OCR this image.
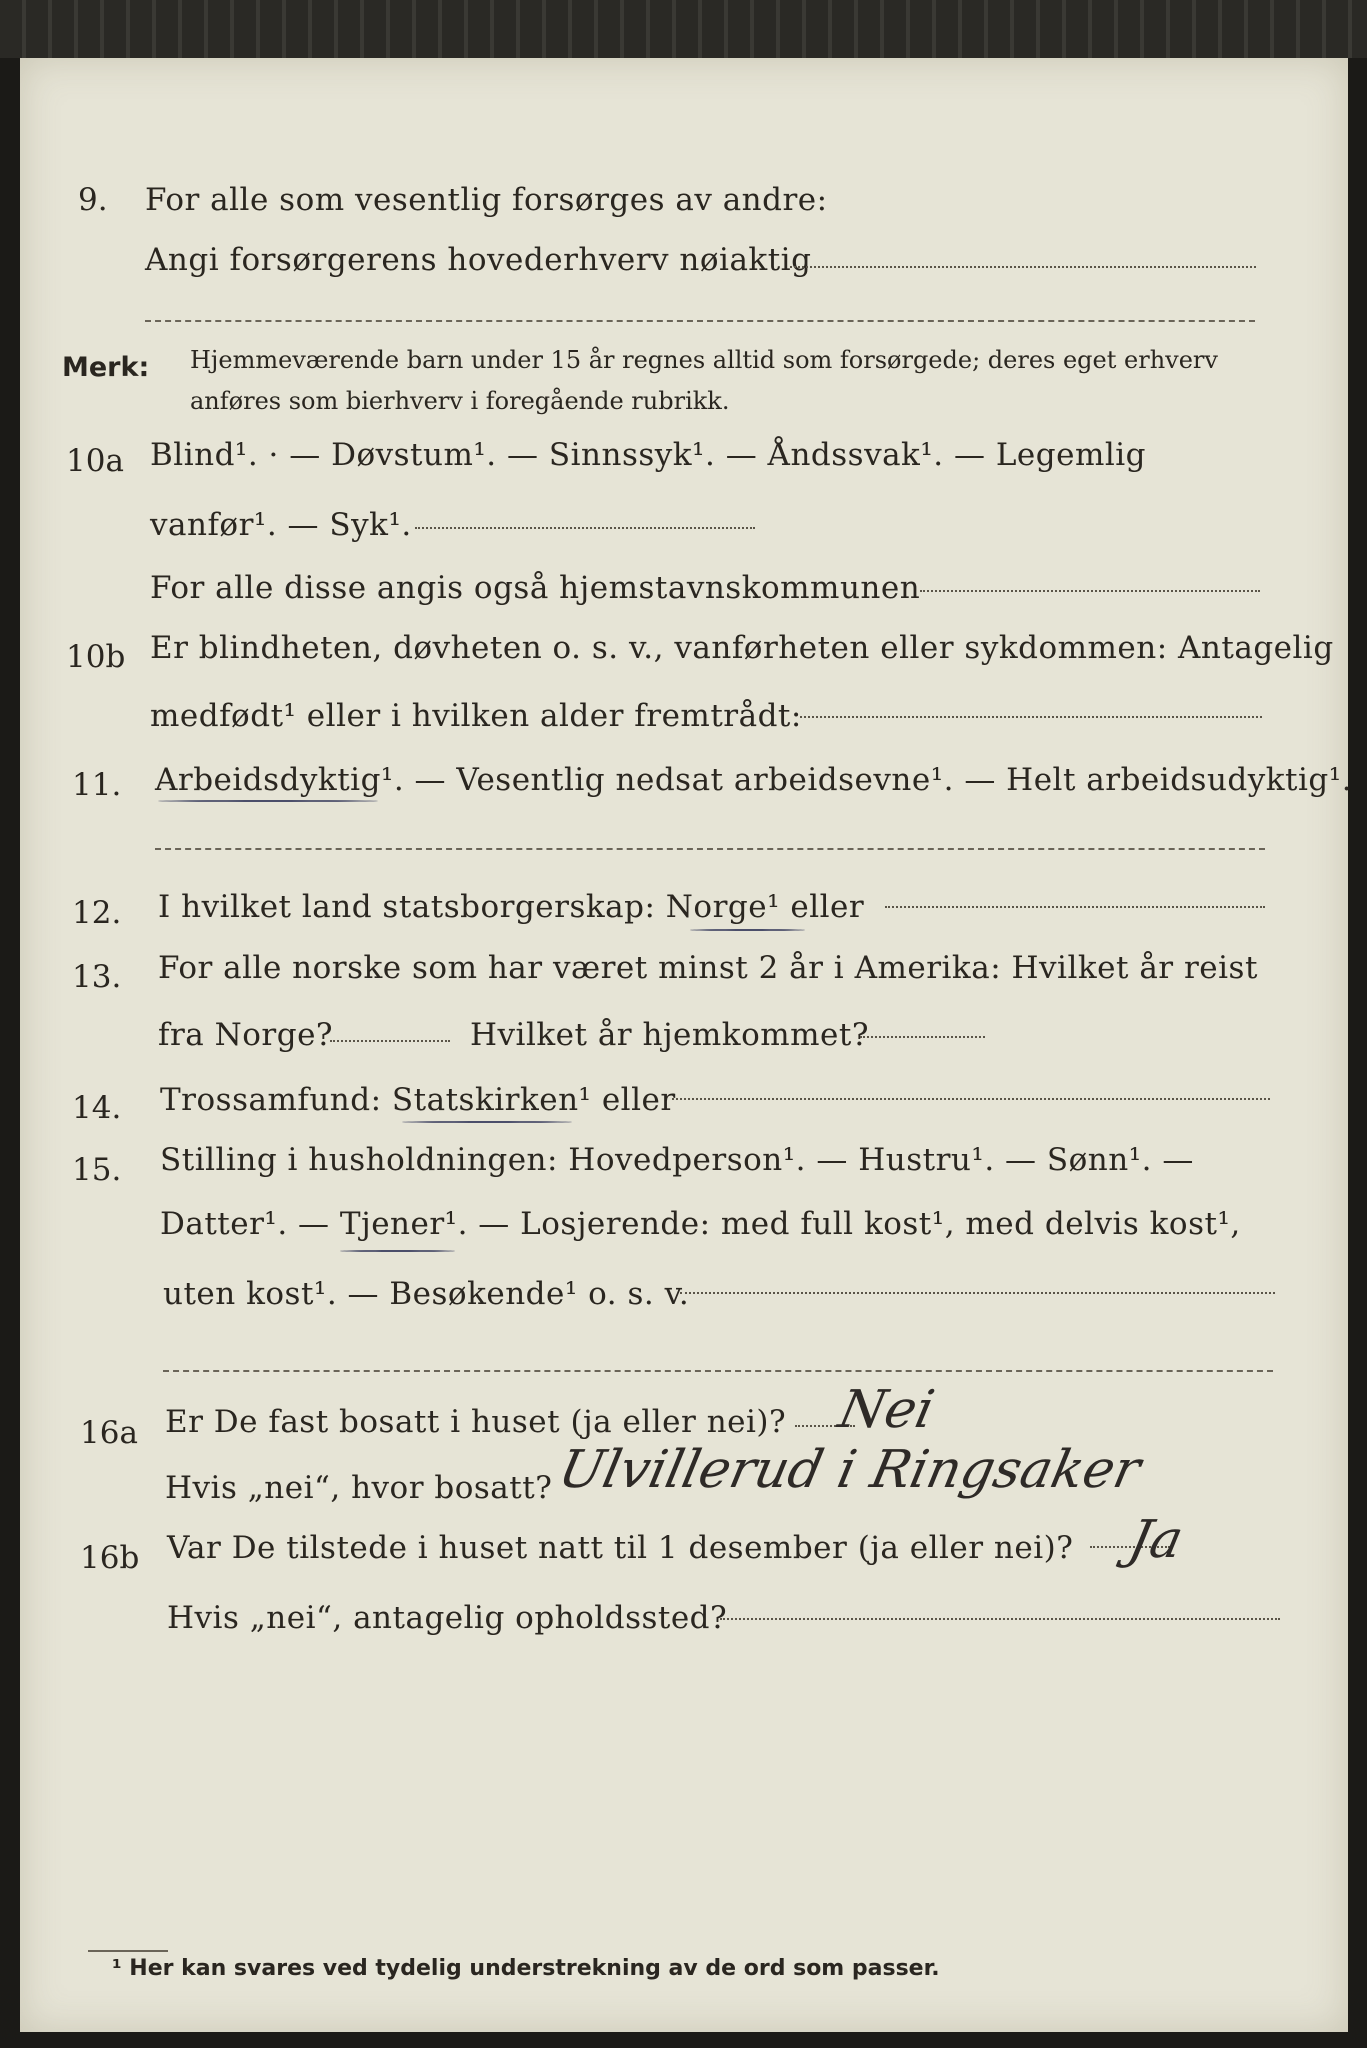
9. For alle som vesentlig forsørges av andre:
Angi forsørgerens hovederhverv nøiaktig
Merk: Hjemmeværende barn under 15 år regnes alltid som forsørgede; deres eget erhverv
anføres som bierhverv i foregående rubrikk.
10a Blind¹. · — Døvstum¹. — Sinnssyk¹. — Åndssvak¹. — Legemlig
vanfør¹. — Syk¹.
For alle disse angis også hjemstavnskommunen
10b Er blindheten, døvheten o. s. v., vanførheten eller sykdommen: Antagelig
medfødt¹ eller i hvilken alder fremtrådt:
11. Arbeidsdyktig¹. — Vesentlig nedsat arbeidsevne¹. — Helt arbeidsudyktig¹.
12. I hvilket land statsborgerskap: Norge¹ eller
13. For alle norske som har været minst 2 år i Amerika: Hvilket år reist
fra Norge?	Hvilket år hjemkommet?
14. Trossamfund: Statskirken¹ eller
15. Stilling i husholdningen: Hovedperson¹. — Hustru¹. — Sønn¹. —
Datter¹. — Tjener¹. — Losjerende: med full kost¹, med delvis kost¹,
uten kost¹. — Besøkende¹ o. s. v.
16a Er De fast bosatt i huset (ja eller nei)? Nei
Hvis „nei“, hvor bosatt? Ulvillerud i Ringsaker
16b Var De tilstede i huset natt til 1 desember (ja eller nei)? Ja
Hvis „nei“, antagelig opholdssted?
¹ Her kan svares ved tydelig understrekning av de ord som passer.
